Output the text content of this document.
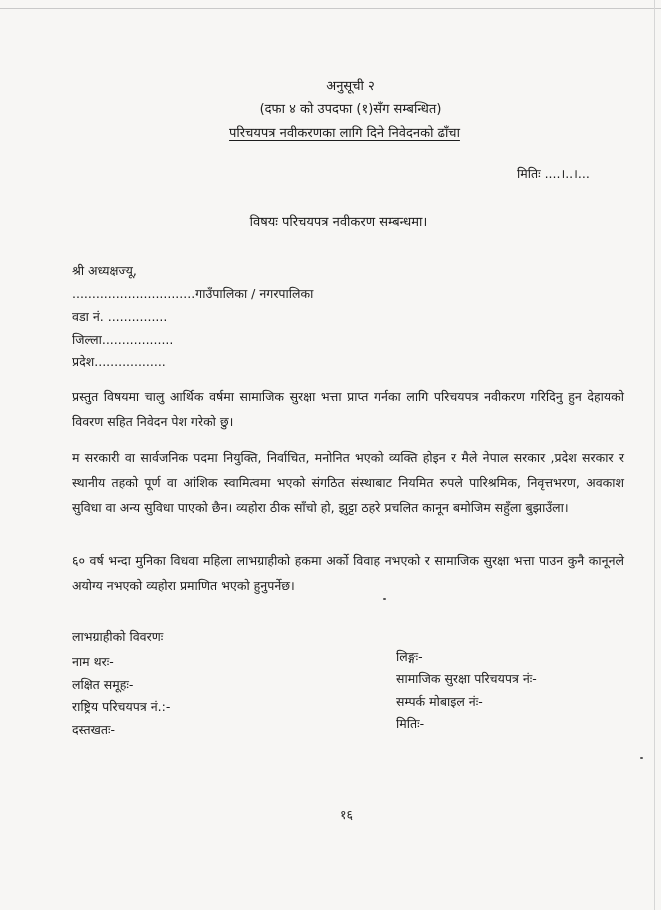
अनुसूची २
(दफा ४ को उपदफा (१)सँग सम्बन्धित)
परिचयपत्र नवीकरणका लागि दिने निवेदनको ढाँचा
मितिः ....।..।...
विषयः परिचयपत्र नवीकरण सम्बन्धमा।
श्री अध्यक्षज्यू,
...............................गाउँपालिका / नगरपालिका
वडा नं. ...............
जिल्ला..................
प्रदेश..................
प्रस्तुत विषयमा चालु आर्थिक वर्षमा सामाजिक सुरक्षा भत्ता प्राप्त गर्नका लागि परिचयपत्र नवीकरण गरिदिनु हुन देहायको विवरण सहित निवेदन पेश गरेको छु।
म सरकारी वा सार्वजनिक पदमा नियुक्ति, निर्वाचित, मनोनित भएको व्यक्ति होइन र मैले नेपाल सरकार ,प्रदेश सरकार र स्थानीय तहको पूर्ण वा आंशिक स्वामित्वमा भएको संगठित संस्थाबाट नियमित रुपले पारिश्रमिक, निवृत्तभरण, अवकाश सुविधा वा अन्य सुविधा पाएको छैन। व्यहोरा ठीक साँचो हो, झुट्टा ठहरे प्रचलित कानून बमोजिम सहुँला बुझाउँला।
६० वर्ष भन्दा मुनिका विधवा महिला लाभग्राहीको हकमा अर्को विवाह नभएको र सामाजिक सुरक्षा भत्ता पाउन कुनै कानूनले अयोग्य नभएको व्यहोरा प्रमाणित भएको हुनुपर्नेछ।
लाभग्राहीको विवरणः
नाम थरः-
लक्षित समूहः-
राष्ट्रिय परिचयपत्र नं.:-
दस्तखतः-
लिङ्गः-
सामाजिक सुरक्षा परिचयपत्र नंः-
सम्पर्क मोबाइल नंः-
मितिः-
१६
